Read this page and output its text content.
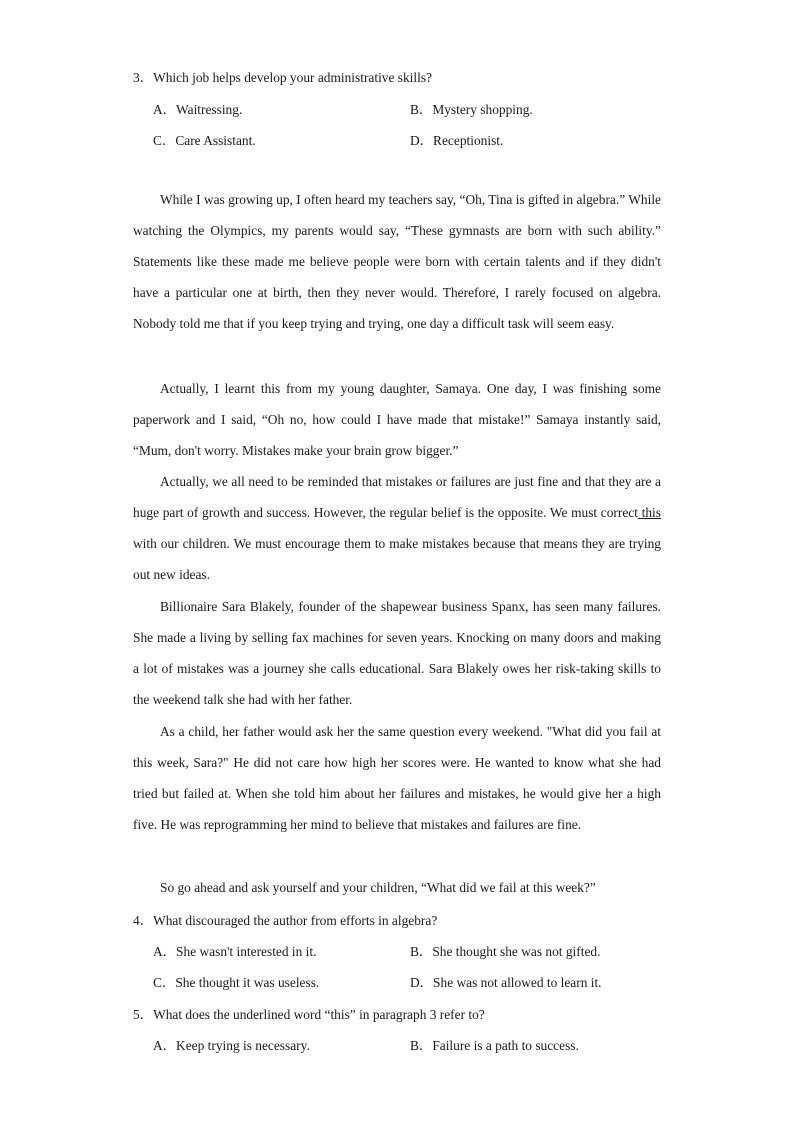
3．Which job helps develop your administrative skills?
A．Waitressing.	B．Mystery shopping.
C．Care Assistant.	D．Receptionist.

While I was growing up, I often heard my teachers say, “Oh, Tina is gifted in algebra.” While watching the Olympics, my parents would say, “These gymnasts are born with such ability.” Statements like these made me believe people were born with certain talents and if they didn't have a particular one at birth, then they never would. Therefore, I rarely focused on algebra. Nobody told me that if you keep trying and trying, one day a difficult task will seem easy.

Actually, I learnt this from my young daughter, Samaya. One day, I was finishing some paperwork and I said, “Oh no, how could I have made that mistake!” Samaya instantly said, “Mum, don't worry. Mistakes make your brain grow bigger.”

Actually, we all need to be reminded that mistakes or failures are just fine and that they are a huge part of growth and success. However, the regular belief is the opposite. We must correct this with our children. We must encourage them to make mistakes because that means they are trying out new ideas.

Billionaire Sara Blakely, founder of the shapewear business Spanx, has seen many failures. She made a living by selling fax machines for seven years. Knocking on many doors and making a lot of mistakes was a journey she calls educational. Sara Blakely owes her risk-taking skills to the weekend talk she had with her father.

As a child, her father would ask her the same question every weekend. "What did you fail at this week, Sara?" He did not care how high her scores were. He wanted to know what she had tried but failed at. When she told him about her failures and mistakes, he would give her a high five. He was reprogramming her mind to believe that mistakes and failures are fine.

So go ahead and ask yourself and your children, “What did we fail at this week?”

4．What discouraged the author from efforts in algebra?
A．She wasn't interested in it.	B．She thought she was not gifted.
C．She thought it was useless.	D．She was not allowed to learn it.
5．What does the underlined word “this” in paragraph 3 refer to?
A．Keep trying is necessary.	B．Failure is a path to success.
